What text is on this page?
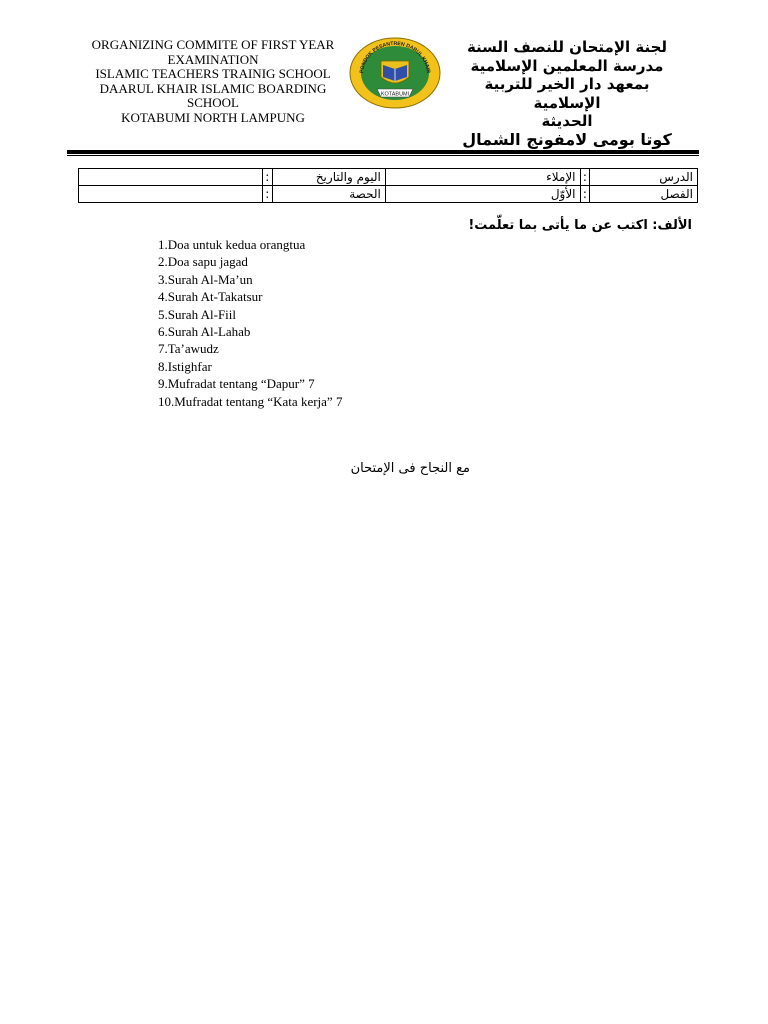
ORGANIZING COMMITE OF FIRST YEAR
EXAMINATION
ISLAMIC TEACHERS TRAINIG SCHOOL
DAARUL KHAIR ISLAMIC BOARDING
SCHOOL
KOTABUMI NORTH LAMPUNG
PONDOK PESANTREN DARUL KHAIR
KOTABUMI
لجنة الإمتحان للنصف السنة
مدرسة المعلمين الإسلامية
بمعهد دار الخير للتربية
الإسلامية
الحديثة
كوتا بومى لامفونج الشمال
الدرس	:	الإملاء	اليوم والتاريخ	:	
الفصل	:	الأوّل	الحصة	:	
الألف: اكتب عن ما يأتى بما تعلّمت!
1.Doa untuk kedua orangtua
2.Doa sapu jagad
3.Surah Al-Ma’un
4.Surah At-Takatsur
5.Surah Al-Fiil
6.Surah Al-Lahab
7.Ta’awudz
8.Istighfar
9.Mufradat tentang “Dapur” 7
10.Mufradat tentang “Kata kerja” 7
مع النجاح فى الإمتحان
